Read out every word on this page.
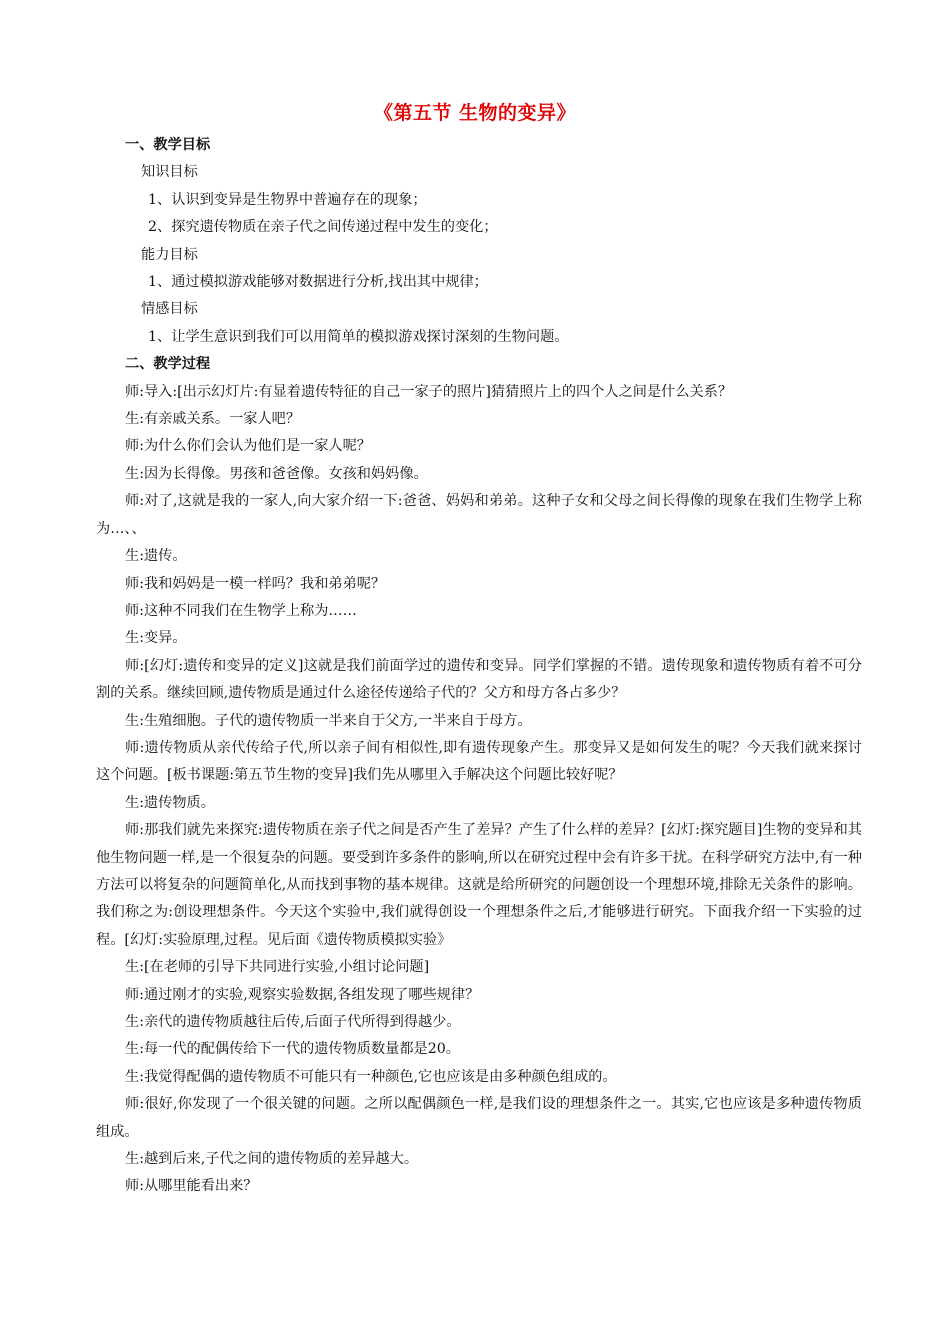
《第五节 生物的变异》

一、教学目标

知识目标

1、认识到变异是生物界中普遍存在的现象；

2、探究遗传物质在亲子代之间传递过程中发生的变化；

能力目标

1、通过模拟游戏能够对数据进行分析,找出其中规律；

情感目标

1、让学生意识到我们可以用简单的模拟游戏探讨深刻的生物问题。

二、教学过程

师:导入:[出示幻灯片:有显着遗传特征的自己一家子的照片]猜猜照片上的四个人之间是什么关系？

生:有亲戚关系。一家人吧？

师:为什么你们会认为他们是一家人呢？

生:因为长得像。男孩和爸爸像。女孩和妈妈像。

师:对了,这就是我的一家人,向大家介绍一下:爸爸、妈妈和弟弟。这种子女和父母之间长得像的现象在我们生物学上称为…、、

生:遗传。

师:我和妈妈是一模一样吗？我和弟弟呢？

师:这种不同我们在生物学上称为……

生:变异。

师:[幻灯:遗传和变异的定义]这就是我们前面学过的遗传和变异。同学们掌握的不错。遗传现象和遗传物质有着不可分割的关系。继续回顾,遗传物质是通过什么途径传递给子代的？父方和母方各占多少？

生:生殖细胞。子代的遗传物质一半来自于父方,一半来自于母方。

师:遗传物质从亲代传给子代,所以亲子间有相似性,即有遗传现象产生。那变异又是如何发生的呢？今天我们就来探讨这个问题。[板书课题:第五节生物的变异]我们先从哪里入手解决这个问题比较好呢？

生:遗传物质。

师:那我们就先来探究:遗传物质在亲子代之间是否产生了差异？产生了什么样的差异？[幻灯:探究题目]生物的变异和其他生物问题一样,是一个很复杂的问题。要受到许多条件的影响,所以在研究过程中会有许多干扰。在科学研究方法中,有一种方法可以将复杂的问题简单化,从而找到事物的基本规律。这就是给所研究的问题创设一个理想环境,排除无关条件的影响。我们称之为:创设理想条件。今天这个实验中,我们就得创设一个理想条件之后,才能够进行研究。下面我介绍一下实验的过程。[幻灯:实验原理,过程。见后面《遗传物质模拟实验》

生:[在老师的引导下共同进行实验,小组讨论问题]

师:通过刚才的实验,观察实验数据,各组发现了哪些规律？

生:亲代的遗传物质越往后传,后面子代所得到得越少。

生:每一代的配偶传给下一代的遗传物质数量都是20。

生:我觉得配偶的遗传物质不可能只有一种颜色,它也应该是由多种颜色组成的。

师:很好,你发现了一个很关键的问题。之所以配偶颜色一样,是我们设的理想条件之一。其实,它也应该是多种遗传物质组成。

生:越到后来,子代之间的遗传物质的差异越大。

师:从哪里能看出来？
